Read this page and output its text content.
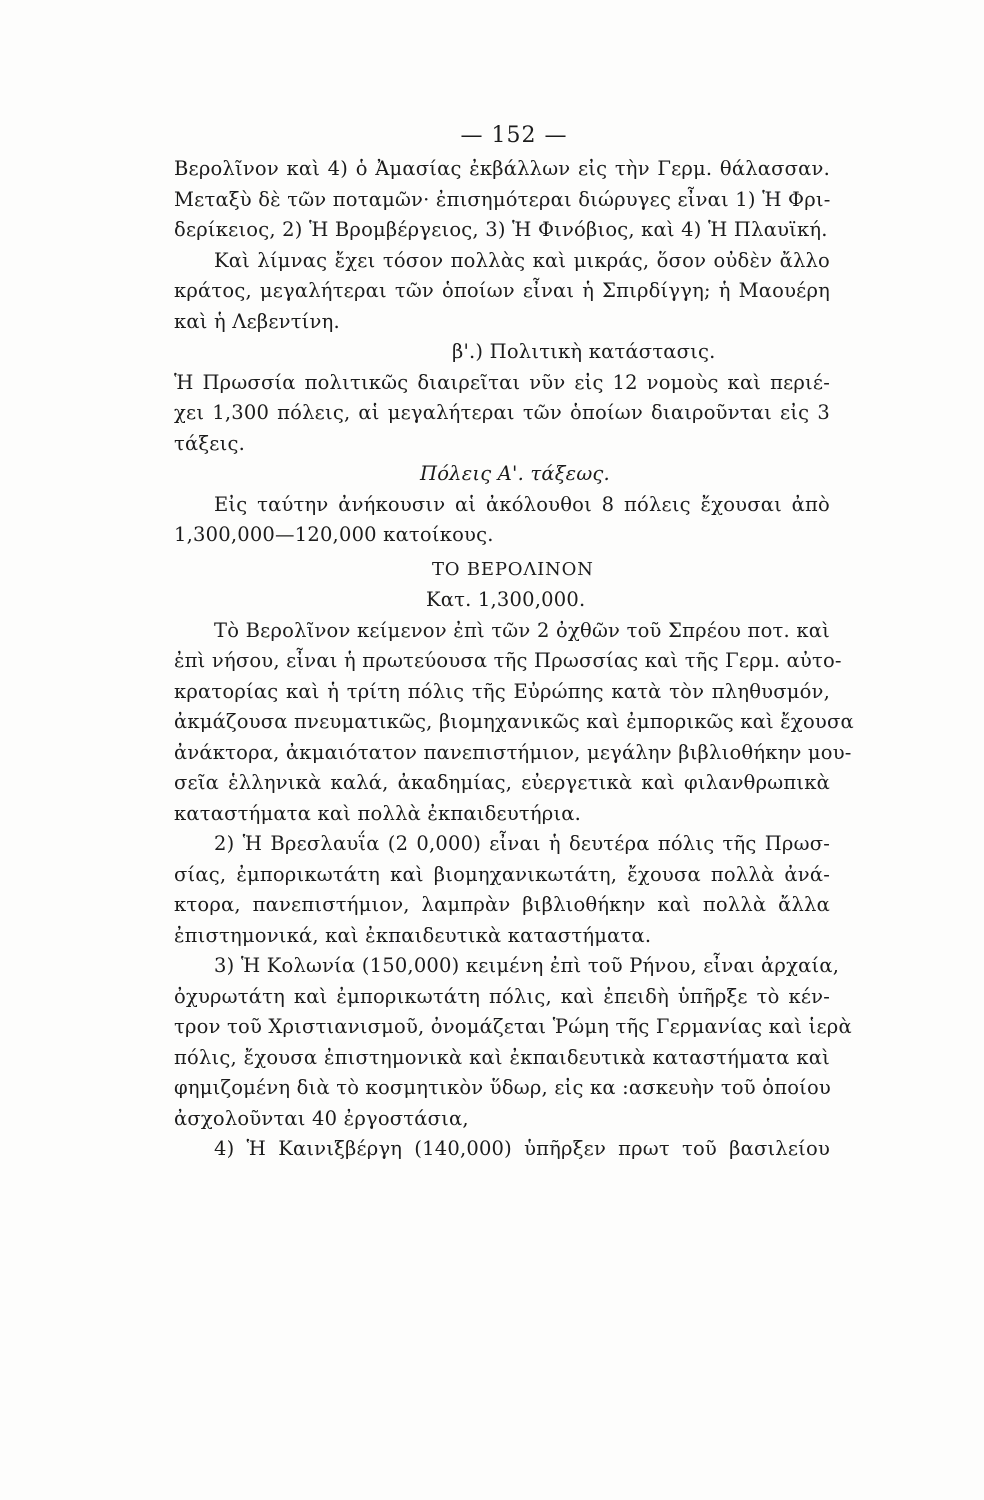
— 152 —
Βερολῖνον καὶ 4) ὁ Ἀμασίας ἐκβάλλων εἰς τὴν Γερμ. θάλασσαν.
Μεταξὺ δὲ τῶν ποταμῶν· ἐπισημότεραι διώρυγες εἶναι 1) Ἡ Φρι-
δερίκειος, 2) Ἡ Βρομβέργειος, 3) Ἡ Φινόβιος, καὶ 4) Ἡ Πλαυϊκή.
Καὶ λίμνας ἔχει τόσον πολλὰς καὶ μικράς, ὅσον οὐδὲν ἄλλο
κράτος, μεγαλήτεραι τῶν ὁποίων εἶναι ἡ Σπιρδίγγη; ἡ Μαουέρη
καὶ ἡ Λεβεντίνη.
β'.) Πολιτικὴ κατάστασις.
Ἡ Πρωσσία πολιτικῶς διαιρεῖται νῦν εἰς 12 νομοὺς καὶ περιέ-
χει 1,300 πόλεις, αἱ μεγαλήτεραι τῶν ὁποίων διαιροῦνται εἰς 3
τάξεις.
Πόλεις Α'. τάξεως.
Εἰς ταύτην ἀνήκουσιν αἱ ἀκόλουθοι 8 πόλεις ἔχουσαι ἀπὸ
1,300,000—120,000 κατοίκους.
ΤΟ ΒΕΡΟΛΙΝΟΝ
Κατ. 1,300,000.
Τὸ Βερολῖνον κείμενον ἐπὶ τῶν 2 ὀχθῶν τοῦ Σπρέου ποτ. καὶ
ἐπὶ νήσου, εἶναι ἡ πρωτεύουσα τῆς Πρωσσίας καὶ τῆς Γερμ. αὐτο-
κρατορίας καὶ ἡ τρίτη πόλις τῆς Εὐρώπης κατὰ τὸν πληθυσμόν,
ἀκμάζουσα πνευματικῶς, βιομηχανικῶς καὶ ἐμπορικῶς καὶ ἔχουσα
ἀνάκτορα, ἀκμαιότατον πανεπιστήμιον, μεγάλην βιβλιοθήκην μου-
σεῖα ἑλληνικὰ καλά, ἀκαδημίας, εὐεργετικὰ καὶ φιλανθρωπικὰ
καταστήματα καὶ πολλὰ ἐκπαιδευτήρια.
2) Ἡ Βρεσλαυΐα (2 0,000) εἶναι ἡ δευτέρα πόλις τῆς Πρωσ-
σίας, ἐμπορικωτάτη καὶ βιομηχανικωτάτη, ἔχουσα πολλὰ ἀνά-
κτορα, πανεπιστήμιον, λαμπρὰν βιβλιοθήκην καὶ πολλὰ ἄλλα
ἐπιστημονικά, καὶ ἐκπαιδευτικὰ καταστήματα.
3) Ἡ Κολωνία (150,000) κειμένη ἐπὶ τοῦ Ρήνου, εἶναι ἀρχαία,
ὀχυρωτάτη καὶ ἐμπορικωτάτη πόλις, καὶ ἐπειδὴ ὑπῆρξε τὸ κέν-
τρον τοῦ Χριστιανισμοῦ, ὀνομάζεται Ῥώμη τῆς Γερμανίας καὶ ἱερὰ
πόλις, ἔχουσα ἐπιστημονικὰ καὶ ἐκπαιδευτικὰ καταστήματα καὶ
φημιζομένη διὰ τὸ κοσμητικὸν ὕδωρ, εἰς κα :ασκευὴν τοῦ ὁποίου
ἀσχολοῦνται 40 ἐργοστάσια,
4) Ἡ Καινιξβέργη (140,000) ὑπῆρξεν πρωτ τοῦ βασιλείου
